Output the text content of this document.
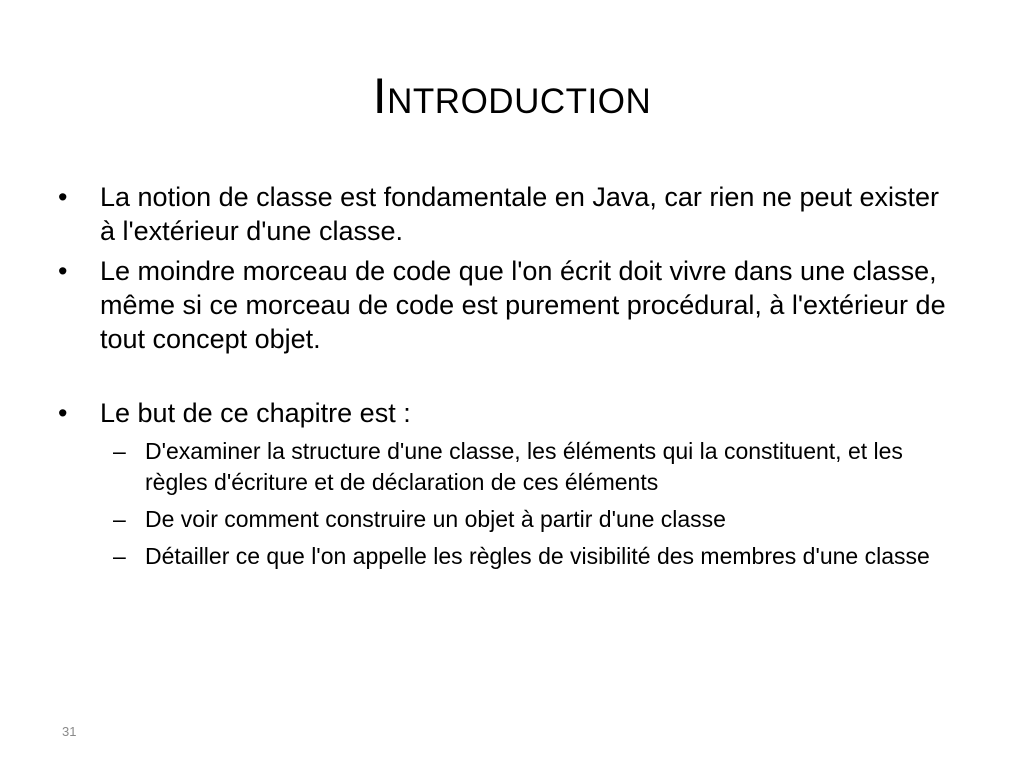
Introduction
•	La notion de classe est fondamentale en Java, car rien ne peut exister à l'extérieur d'une classe.
•	Le moindre morceau de code que l'on écrit doit vivre dans une classe, même si ce morceau de code est purement procédural, à l'extérieur de tout concept objet.
•	Le but de ce chapitre est :
– D'examiner la structure d'une classe, les éléments qui la constituent, et les règles d'écriture et de déclaration de ces éléments
– De voir comment construire un objet à partir d'une classe
– Détailler ce que l'on appelle les règles de visibilité des membres d'une classe
31
